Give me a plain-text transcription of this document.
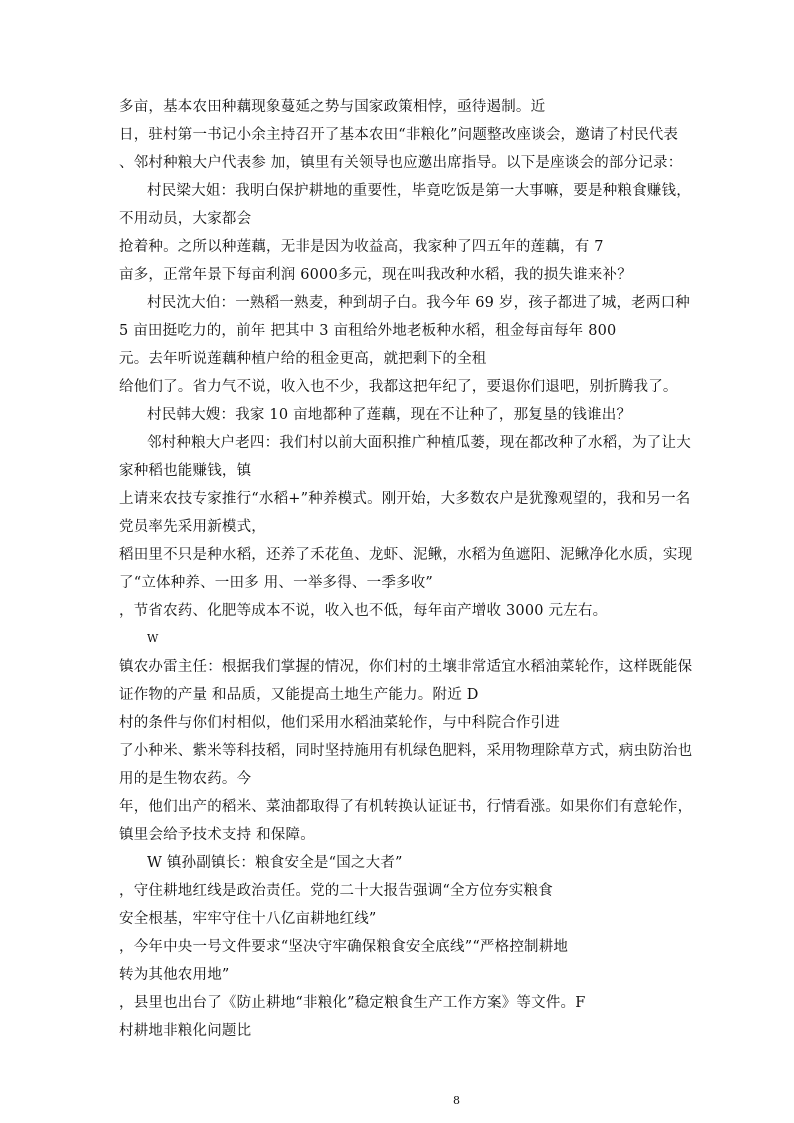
多亩，基本农田种藕现象蔓延之势与国家政策相悖，亟待遏制。近
日，驻村第一书记小余主持召开了基本农田“非粮化”问题整改座谈会，邀请了村民代表
、邻村种粮大户代表参 加，镇里有关领导也应邀出席指导。以下是座谈会的部分记录：
村民梁大姐：我明白保护耕地的重要性，毕竟吃饭是第一大事嘛，要是种粮食赚钱，
不用动员，大家都会
抢着种。之所以种莲藕，无非是因为收益高，我家种了四五年的莲藕，有 7
亩多，正常年景下每亩利润 6000多元，现在叫我改种水稻，我的损失谁来补？
村民沈大伯：一熟稻一熟麦，种到胡子白。我今年 69 岁，孩子都进了城，老两口种
5 亩田挺吃力的，前年 把其中 3 亩租给外地老板种水稻，租金每亩每年 800
元。去年听说莲藕种植户给的租金更高，就把剩下的全租
给他们了。省力气不说，收入也不少，我都这把年纪了，要退你们退吧，别折腾我了。
村民韩大嫂：我家 10 亩地都种了莲藕，现在不让种了，那复垦的钱谁出？
邻村种粮大户老四：我们村以前大面积推广种植瓜蒌，现在都改种了水稻，为了让大
家种稻也能赚钱，镇
上请来农技专家推行“水稻+”种养模式。刚开始，大多数农户是犹豫观望的，我和另一名
党员率先采用新模式，
稻田里不只是种水稻，还养了禾花鱼、龙虾、泥鳅，水稻为鱼遮阳、泥鳅净化水质，实现
了“立体种养、一田多 用、一举多得、一季多收”
，节省农药、化肥等成本不说，收入也不低，每年亩产增收 3000 元左右。
W
镇农办雷主任：根据我们掌握的情况，你们村的土壤非常适宜水稻油菜轮作，这样既能保
证作物的产量 和品质，又能提高土地生产能力。附近 D
村的条件与你们村相似，他们采用水稻油菜轮作，与中科院合作引进
了小种米、紫米等科技稻，同时坚持施用有机绿色肥料，采用物理除草方式，病虫防治也
用的是生物农药。今
年，他们出产的稻米、菜油都取得了有机转换认证证书，行情看涨。如果你们有意轮作，
镇里会给予技术支持 和保障。
W 镇孙副镇长：粮食安全是“国之大者”
，守住耕地红线是政治责任。党的二十大报告强调“全方位夯实粮食
安全根基，牢牢守住十八亿亩耕地红线”
，今年中央一号文件要求“坚决守牢确保粮食安全底线”“严格控制耕地
转为其他农用地”
，县里也出台了《防止耕地“非粮化”稳定粮食生产工作方案》等文件。F
村耕地非粮化问题比
8
